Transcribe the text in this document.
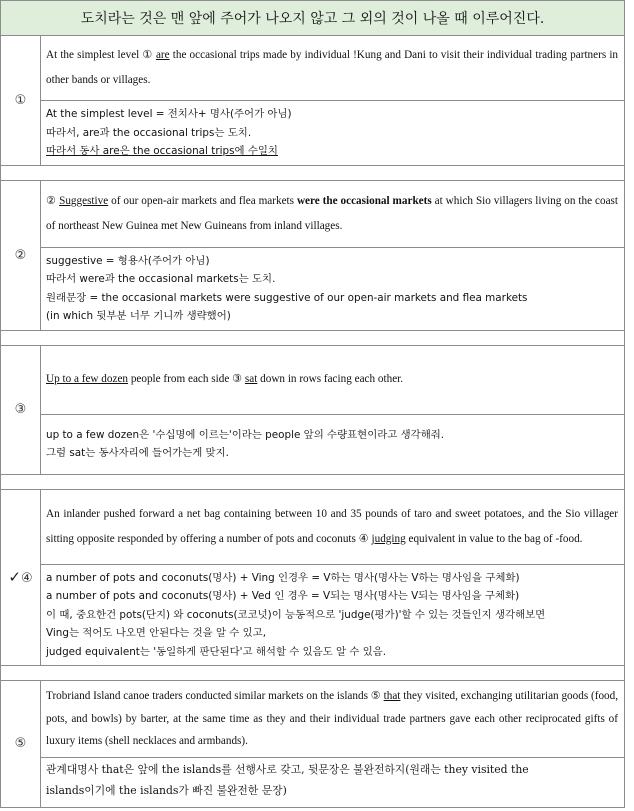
도치라는 것은 맨 앞에 주어가 나오지 않고 그 외의 것이 나올 때 이루어진다.	
①	At the simplest level ① are the occasional trips made by individual !Kung and Dani to visit their individual trading partners in other bands or villages.

	At the simplest level = 전치사+ 명사(주어가 아님)
따라서, are과 the occasional trips는 도치.
따라서 동사 are은 the occasional trips에 수일치

②	② Suggestive of our open-air markets and flea markets were the occasional markets at which Sio villagers living on the coast of northeast New Guinea met New Guineans from inland villages.

	suggestive = 형용사(주어가 아님)
따라서 were과 the occasional markets는 도치.
원래문장 = the occasional markets were suggestive of our open-air markets and flea markets
(in which 뒷부분 너무 기니까 생략했어)

③	Up to a few dozen people from each side ③ sat down in rows facing each other.

	up to a few dozen은 '수십명에 이르는'이라는 people 앞의 수량표현이라고 생각해줘.
그럼 sat는 동사자리에 들어가는게 맞지.

✓④	An inlander pushed forward a net bag containing between 10 and 35 pounds of taro and sweet potatoes, and the Sio villager sitting opposite responded by offering a number of pots and coconuts ④ judging equivalent in value to the bag of -food.

	a number of pots and coconuts(명사) + Ving 인경우 = V하는 명사(명사는 V하는 명사임을 구체화)
a number of pots and coconuts(명사) + Ved 인 경우 = V되는 명사(명사는 V되는 명사임을 구체화)
이 때, 중요한건 pots(단지) 와 coconuts(코코넛)이 능동적으로 'judge(평가)'할 수 있는 것들인지 생각해보면
Ving는 적어도 나오면 안된다는 것을 알 수 있고,
judged equivalent는 '동일하게 판단된다'고 해석할 수 있음도 알 수 있음.

⑤	Trobriand Island canoe traders conducted similar markets on the islands ⑤ that they visited, exchanging utilitarian goods (food, pots, and bowls) by barter, at the same time as they and their individual trade partners gave each other reciprocated gifts of luxury items (shell necklaces and armbands).

	관계대명사 that은 앞에 the islands를 선행사로 갖고, 뒷문장은 불완전하지(원래는 they visited the
islands이기에 the islands가 빠진 불완전한 문장)
